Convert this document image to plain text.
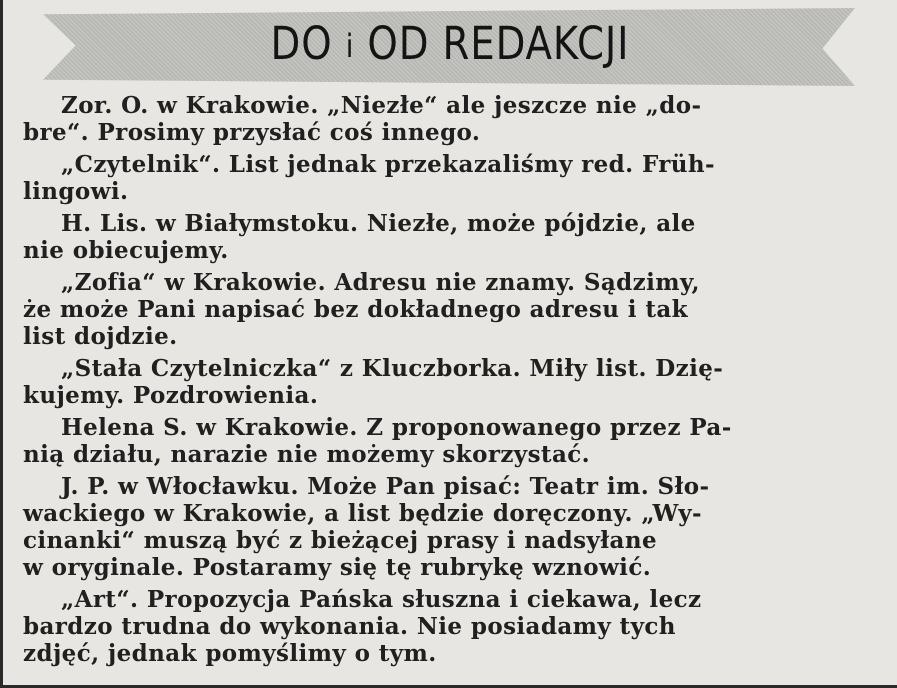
DO i OD REDAKCJI
Zor. O. w Krakowie. „Niezłe“ ale jeszcze nie „do-
bre“. Prosimy przysłać coś innego.
„Czytelnik“. List jednak przekazaliśmy red. Früh-
lingowi.
H. Lis. w Białymstoku. Niezłe, może pójdzie, ale
nie obiecujemy.
„Zofia“ w Krakowie. Adresu nie znamy. Sądzimy,
że może Pani napisać bez dokładnego adresu i tak
list dojdzie.
„Stała Czytelniczka“ z Kluczborka. Miły list. Dzię-
kujemy. Pozdrowienia.
Helena S. w Krakowie. Z proponowanego przez Pa-
nią działu, narazie nie możemy skorzystać.
J. P. w Włocławku. Może Pan pisać: Teatr im. Sło-
wackiego w Krakowie, a list będzie doręczony. „Wy-
cinanki“ muszą być z bieżącej prasy i nadsyłane
w oryginale. Postaramy się tę rubrykę wznowić.
„Art“. Propozycja Pańska słuszna i ciekawa, lecz
bardzo trudna do wykonania. Nie posiadamy tych
zdjęć, jednak pomyślimy o tym.
